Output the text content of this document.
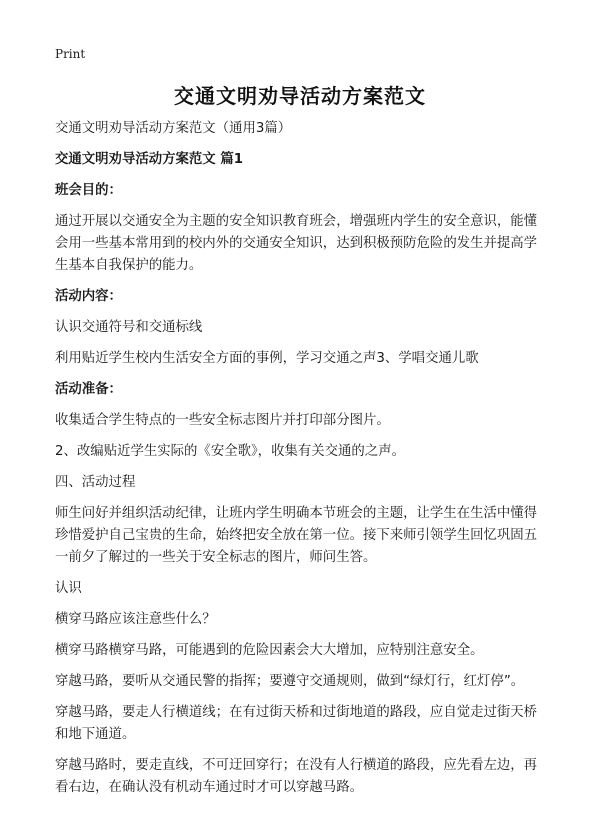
Print
交通文明劝导活动方案范文

交通文明劝导活动方案范文（通用3篇）

交通文明劝导活动方案范文 篇1

班会目的：

通过开展以交通安全为主题的安全知识教育班会，增强班内学生的安全意识，能懂会用一些基本常用到的校内外的交通安全知识，达到积极预防危险的发生并提高学生基本自我保护的能力。

活动内容：

认识交通符号和交通标线

利用贴近学生校内生活安全方面的事例，学习交通之声3、学唱交通儿歌

活动准备：

收集适合学生特点的一些安全标志图片并打印部分图片。

2、改编贴近学生实际的《安全歌》，收集有关交通的之声。

四、活动过程

师生问好并组织活动纪律，让班内学生明确本节班会的主题，让学生在生活中懂得珍惜爱护自己宝贵的生命，始终把安全放在第一位。接下来师引领学生回忆巩固五一前夕了解过的一些关于安全标志的图片，师问生答。

认识

横穿马路应该注意些什么？

横穿马路横穿马路，可能遇到的危险因素会大大增加，应特别注意安全。

穿越马路，要听从交通民警的指挥；要遵守交通规则，做到“绿灯行，红灯停”。

穿越马路，要走人行横道线；在有过街天桥和过街地道的路段，应自觉走过街天桥和地下通道。

穿越马路时，要走直线，不可迂回穿行；在没有人行横道的路段，应先看左边，再看右边，在确认没有机动车通过时才可以穿越马路。
